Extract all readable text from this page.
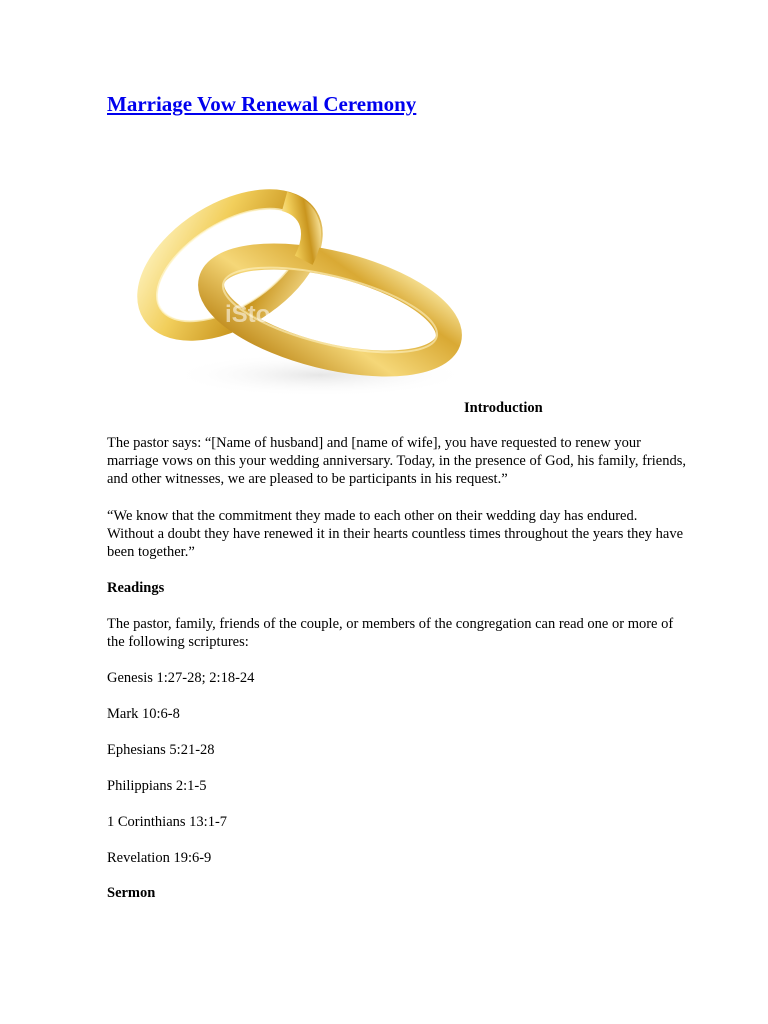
Marriage Vow Renewal Ceremony
iStock

Introduction

The pastor says: “[Name of husband] and [name of wife], you have requested to renew your marriage vows on this your wedding anniversary. Today, in the presence of God, his family, friends, and other witnesses, we are pleased to be participants in his request.”

“We know that the commitment they made to each other on their wedding day has endured. Without a doubt they have renewed it in their hearts countless times throughout the years they have been together.”

Readings

The pastor, family, friends of the couple, or members of the congregation can read one or more of the following scriptures:

Genesis 1:27-28; 2:18-24

Mark 10:6-8

Ephesians 5:21-28

Philippians 2:1-5

1 Corinthians 13:1-7

Revelation 19:6-9

Sermon
